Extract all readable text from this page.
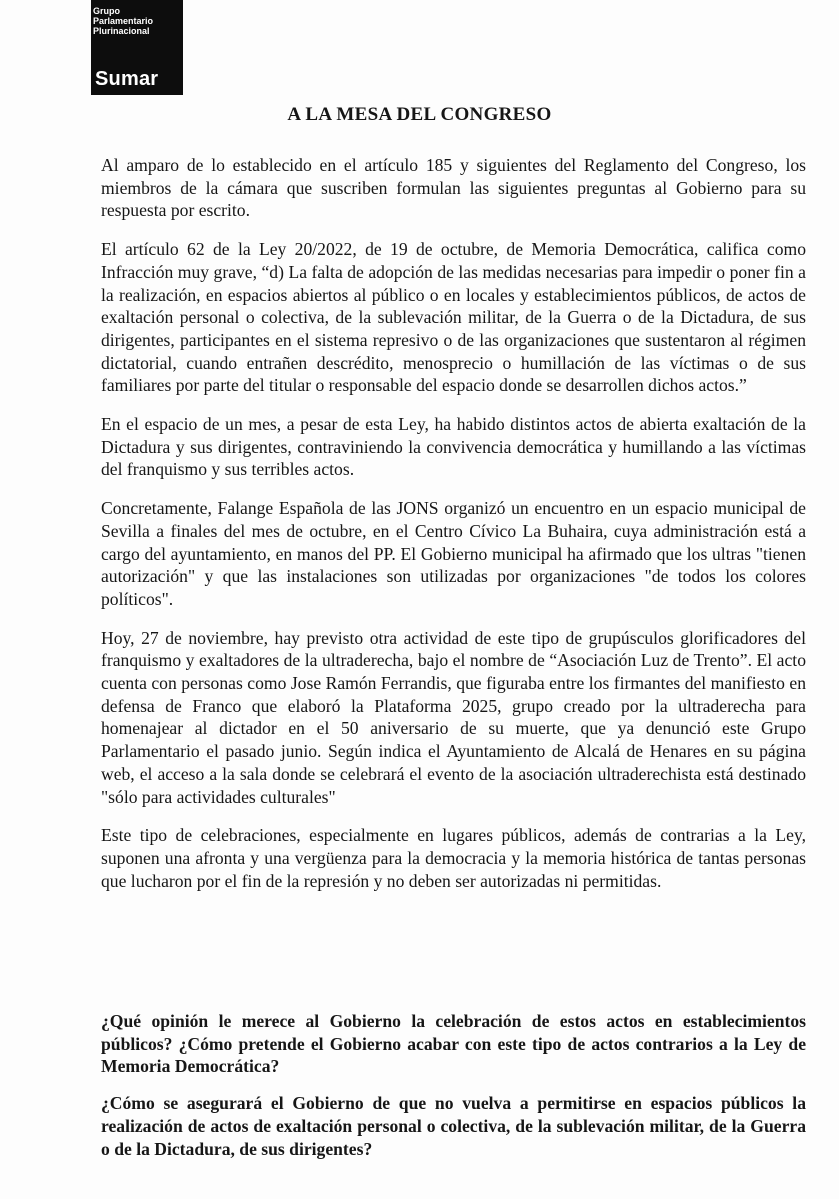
Sumar
Grupo
Parlamentario
Plurinacional
A LA MESA DEL CONGRESO

Al amparo de lo establecido en el artículo 185 y siguientes del Reglamento del Congreso, los miembros de la cámara que suscriben formulan las siguientes preguntas al Gobierno para su respuesta por escrito.

El artículo 62 de la Ley 20/2022, de 19 de octubre, de Memoria Democrática, califica como Infracción muy grave, “d) La falta de adopción de las medidas necesarias para impedir o poner fin a la realización, en espacios abiertos al público o en locales y establecimientos públicos, de actos de exaltación personal o colectiva, de la sublevación militar, de la Guerra o de la Dictadura, de sus dirigentes, participantes en el sistema represivo o de las organizaciones que sustentaron al régimen dictatorial, cuando entrañen descrédito, menosprecio o humillación de las víctimas o de sus familiares por parte del titular o responsable del espacio donde se desarrollen dichos actos.”

En el espacio de un mes, a pesar de esta Ley, ha habido distintos actos de abierta exaltación de la Dictadura y sus dirigentes, contraviniendo la convivencia democrática y humillando a las víctimas del franquismo y sus terribles actos.

Concretamente, Falange Española de las JONS organizó un encuentro en un espacio municipal de Sevilla a finales del mes de octubre, en el Centro Cívico La Buhaira, cuya administración está a cargo del ayuntamiento, en manos del PP. El Gobierno municipal ha afirmado que los ultras "tienen autorización" y que las instalaciones son utilizadas por organizaciones "de todos los colores políticos".

Hoy, 27 de noviembre, hay previsto otra actividad de este tipo de grupúsculos glorificadores del franquismo y exaltadores de la ultraderecha, bajo el nombre de “Asociación Luz de Trento”. El acto cuenta con personas como Jose Ramón Ferrandis, que figuraba entre los firmantes del manifiesto en defensa de Franco que elaboró la Plataforma 2025, grupo creado por la ultraderecha para homenajear al dictador en el 50 aniversario de su muerte, que ya denunció este Grupo Parlamentario el pasado junio. Según indica el Ayuntamiento de Alcalá de Henares en su página web, el acceso a la sala donde se celebrará el evento de la asociación ultraderechista está destinado "sólo para actividades culturales"

Este tipo de celebraciones, especialmente en lugares públicos, además de contrarias a la Ley, suponen una afronta y una vergüenza para la democracia y la memoria histórica de tantas personas que lucharon por el fin de la represión y no deben ser autorizadas ni permitidas.

¿Qué opinión le merece al Gobierno la celebración de estos actos en establecimientos públicos? ¿Cómo pretende el Gobierno acabar con este tipo de actos contrarios a la Ley de Memoria Democrática?

¿Cómo se asegurará el Gobierno de que no vuelva a permitirse en espacios públicos la realización de actos de exaltación personal o colectiva, de la sublevación militar, de la Guerra o de la Dictadura, de sus dirigentes?
